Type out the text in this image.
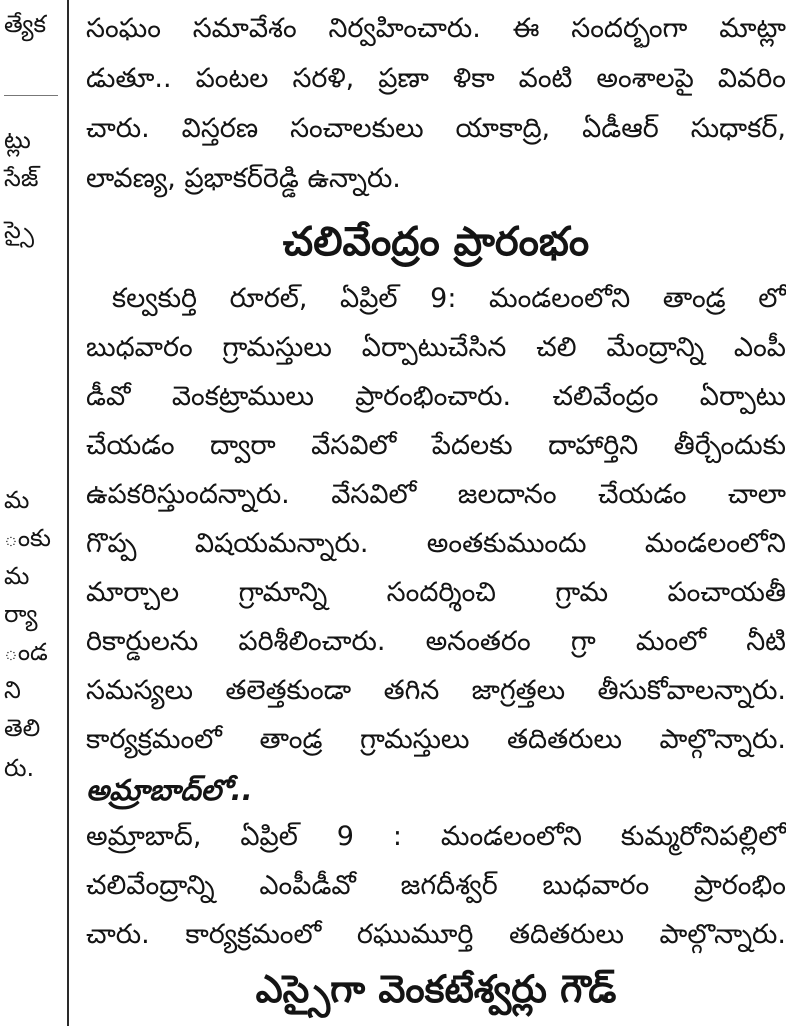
త్యేక
ట్లు
సేజ్
స్సై
మ
ంకు
మ
ర్యా
ండ
ని
తెలి
రు.
సంఘం సమావేశం నిర్వహించారు. ఈ సందర్భంగా మాట్లా
డుతూ.. పంటల సరళి, ప్రణా ళికా వంటి అంశాలపై వివరిం
చారు. విస్తరణ సంచాలకులు యాకాద్రి, ఏడీఆర్ సుధాకర్,
లావణ్య, ప్రభాకర్‌రెడ్డి ఉన్నారు.
చలివేంద్రం ప్రారంభం
కల్వకుర్తి రూరల్, ఏప్రిల్ 9: మండలంలోని తాండ్ర లో
బుధవారం గ్రామస్తులు ఏర్పాటుచేసిన చలి మేంద్రాన్ని ఎంపీ
డీవో వెంకట్రాములు ప్రారంభించారు. చలివేంద్రం ఏర్పాటు
చేయడం ద్వారా వేసవిలో పేదలకు దాహార్తిని తీర్చేందుకు
ఉపకరిస్తుందన్నారు. వేసవిలో జలదానం చేయడం చాలా
గొప్ప విషయమన్నారు. అంతకుముందు మండలంలోని
మార్చాల గ్రామాన్ని సందర్శించి గ్రామ పంచాయతీ
రికార్డులను పరిశీలించారు. అనంతరం గ్రా మంలో నీటి
సమస్యలు తలెత్తకుండా తగిన జాగ్రత్తలు తీసుకోవాలన్నారు.
కార్యక్రమంలో తాండ్ర గ్రామస్తులు తదితరులు పాల్గొన్నారు.
అమ్రాబాద్‌లో..
అమ్రాబాద్, ఏప్రిల్ 9 : మండలంలోని కుమ్మరోనిపల్లిలో
చలివేంద్రాన్ని ఎంపీడీవో జగదీశ్వర్ బుధవారం ప్రారంభిం
చారు. కార్యక్రమంలో రఘుమూర్తి తదితరులు పాల్గొన్నారు.
ఎస్సైగా వెంకటేశ్వర్లు గౌడ్
